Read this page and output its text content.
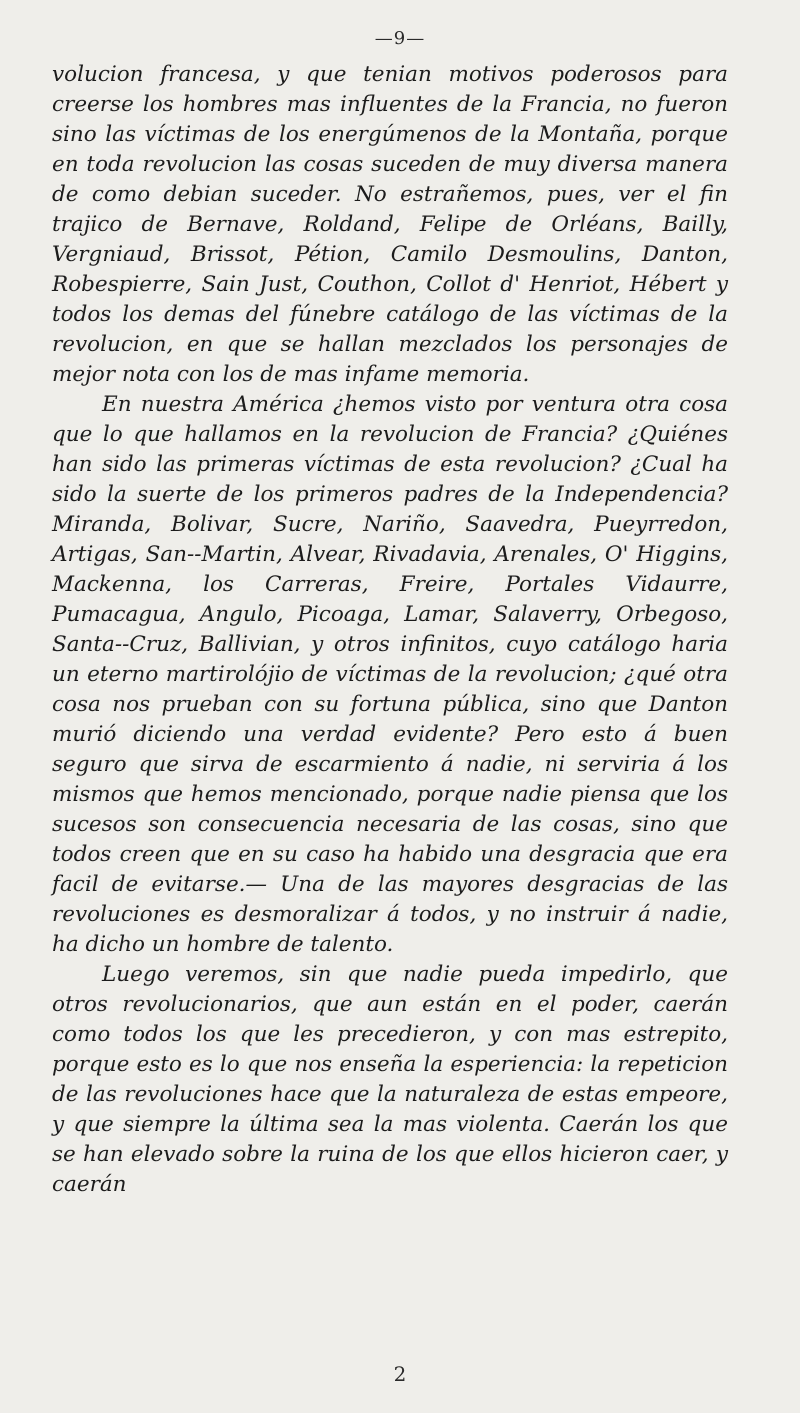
—9—

volucion francesa, y que tenian motivos poderosos para creerse los hombres mas influentes de la Francia, no fueron sino las víctimas de los energúmenos de la Montaña, porque en toda revolucion las cosas suceden de muy diversa manera de como debian suceder. No estrañemos, pues, ver el fin trajico de Bernave, Roldand, Felipe de Orléans, Bailly, Vergniaud, Brissot, Pétion, Camilo Desmoulins, Danton, Robespierre, Sain Just, Couthon, Collot d' Henriot, Hébert y todos los demas del fúnebre catálogo de las víctimas de la revolucion, en que se hallan mezclados los personajes de mejor nota con los de mas infame memoria.

En nuestra América ¿hemos visto por ventura otra cosa que lo que hallamos en la revolucion de Francia? ¿Quiénes han sido las primeras víctimas de esta revolucion? ¿Cual ha sido la suerte de los primeros padres de la Independencia? Miranda, Bolivar, Sucre, Nariño, Saavedra, Pueyrredon, Artigas, San--Martin, Alvear, Rivadavia, Arenales, O' Higgins, Mackenna, los Carreras, Freire, Portales Vidaurre, Pumacagua, Angulo, Picoaga, Lamar, Salaverry, Orbegoso, Santa--Cruz, Ballivian, y otros infinitos, cuyo catálogo haria un eterno martirolójio de víctimas de la revolucion; ¿qué otra cosa nos prueban con su fortuna pública, sino que Danton murió diciendo una verdad evidente? Pero esto á buen seguro que sirva de escarmiento á nadie, ni serviria á los mismos que hemos mencionado, porque nadie piensa que los sucesos son consecuencia necesaria de las cosas, sino que todos creen que en su caso ha habido una desgracia que era facil de evitarse.— Una de las mayores desgracias de las revoluciones es desmoralizar á todos, y no instruir á nadie, ha dicho un hombre de talento.

Luego veremos, sin que nadie pueda impedirlo, que otros revolucionarios, que aun están en el poder, caerán como todos los que les precedieron, y con mas estrepito, porque esto es lo que nos enseña la esperiencia: la repeticion de las revoluciones hace que la naturaleza de estas empeore, y que siempre la última sea la mas violenta. Caerán los que se han elevado sobre la ruina de los que ellos hicieron caer, y caerán

2
